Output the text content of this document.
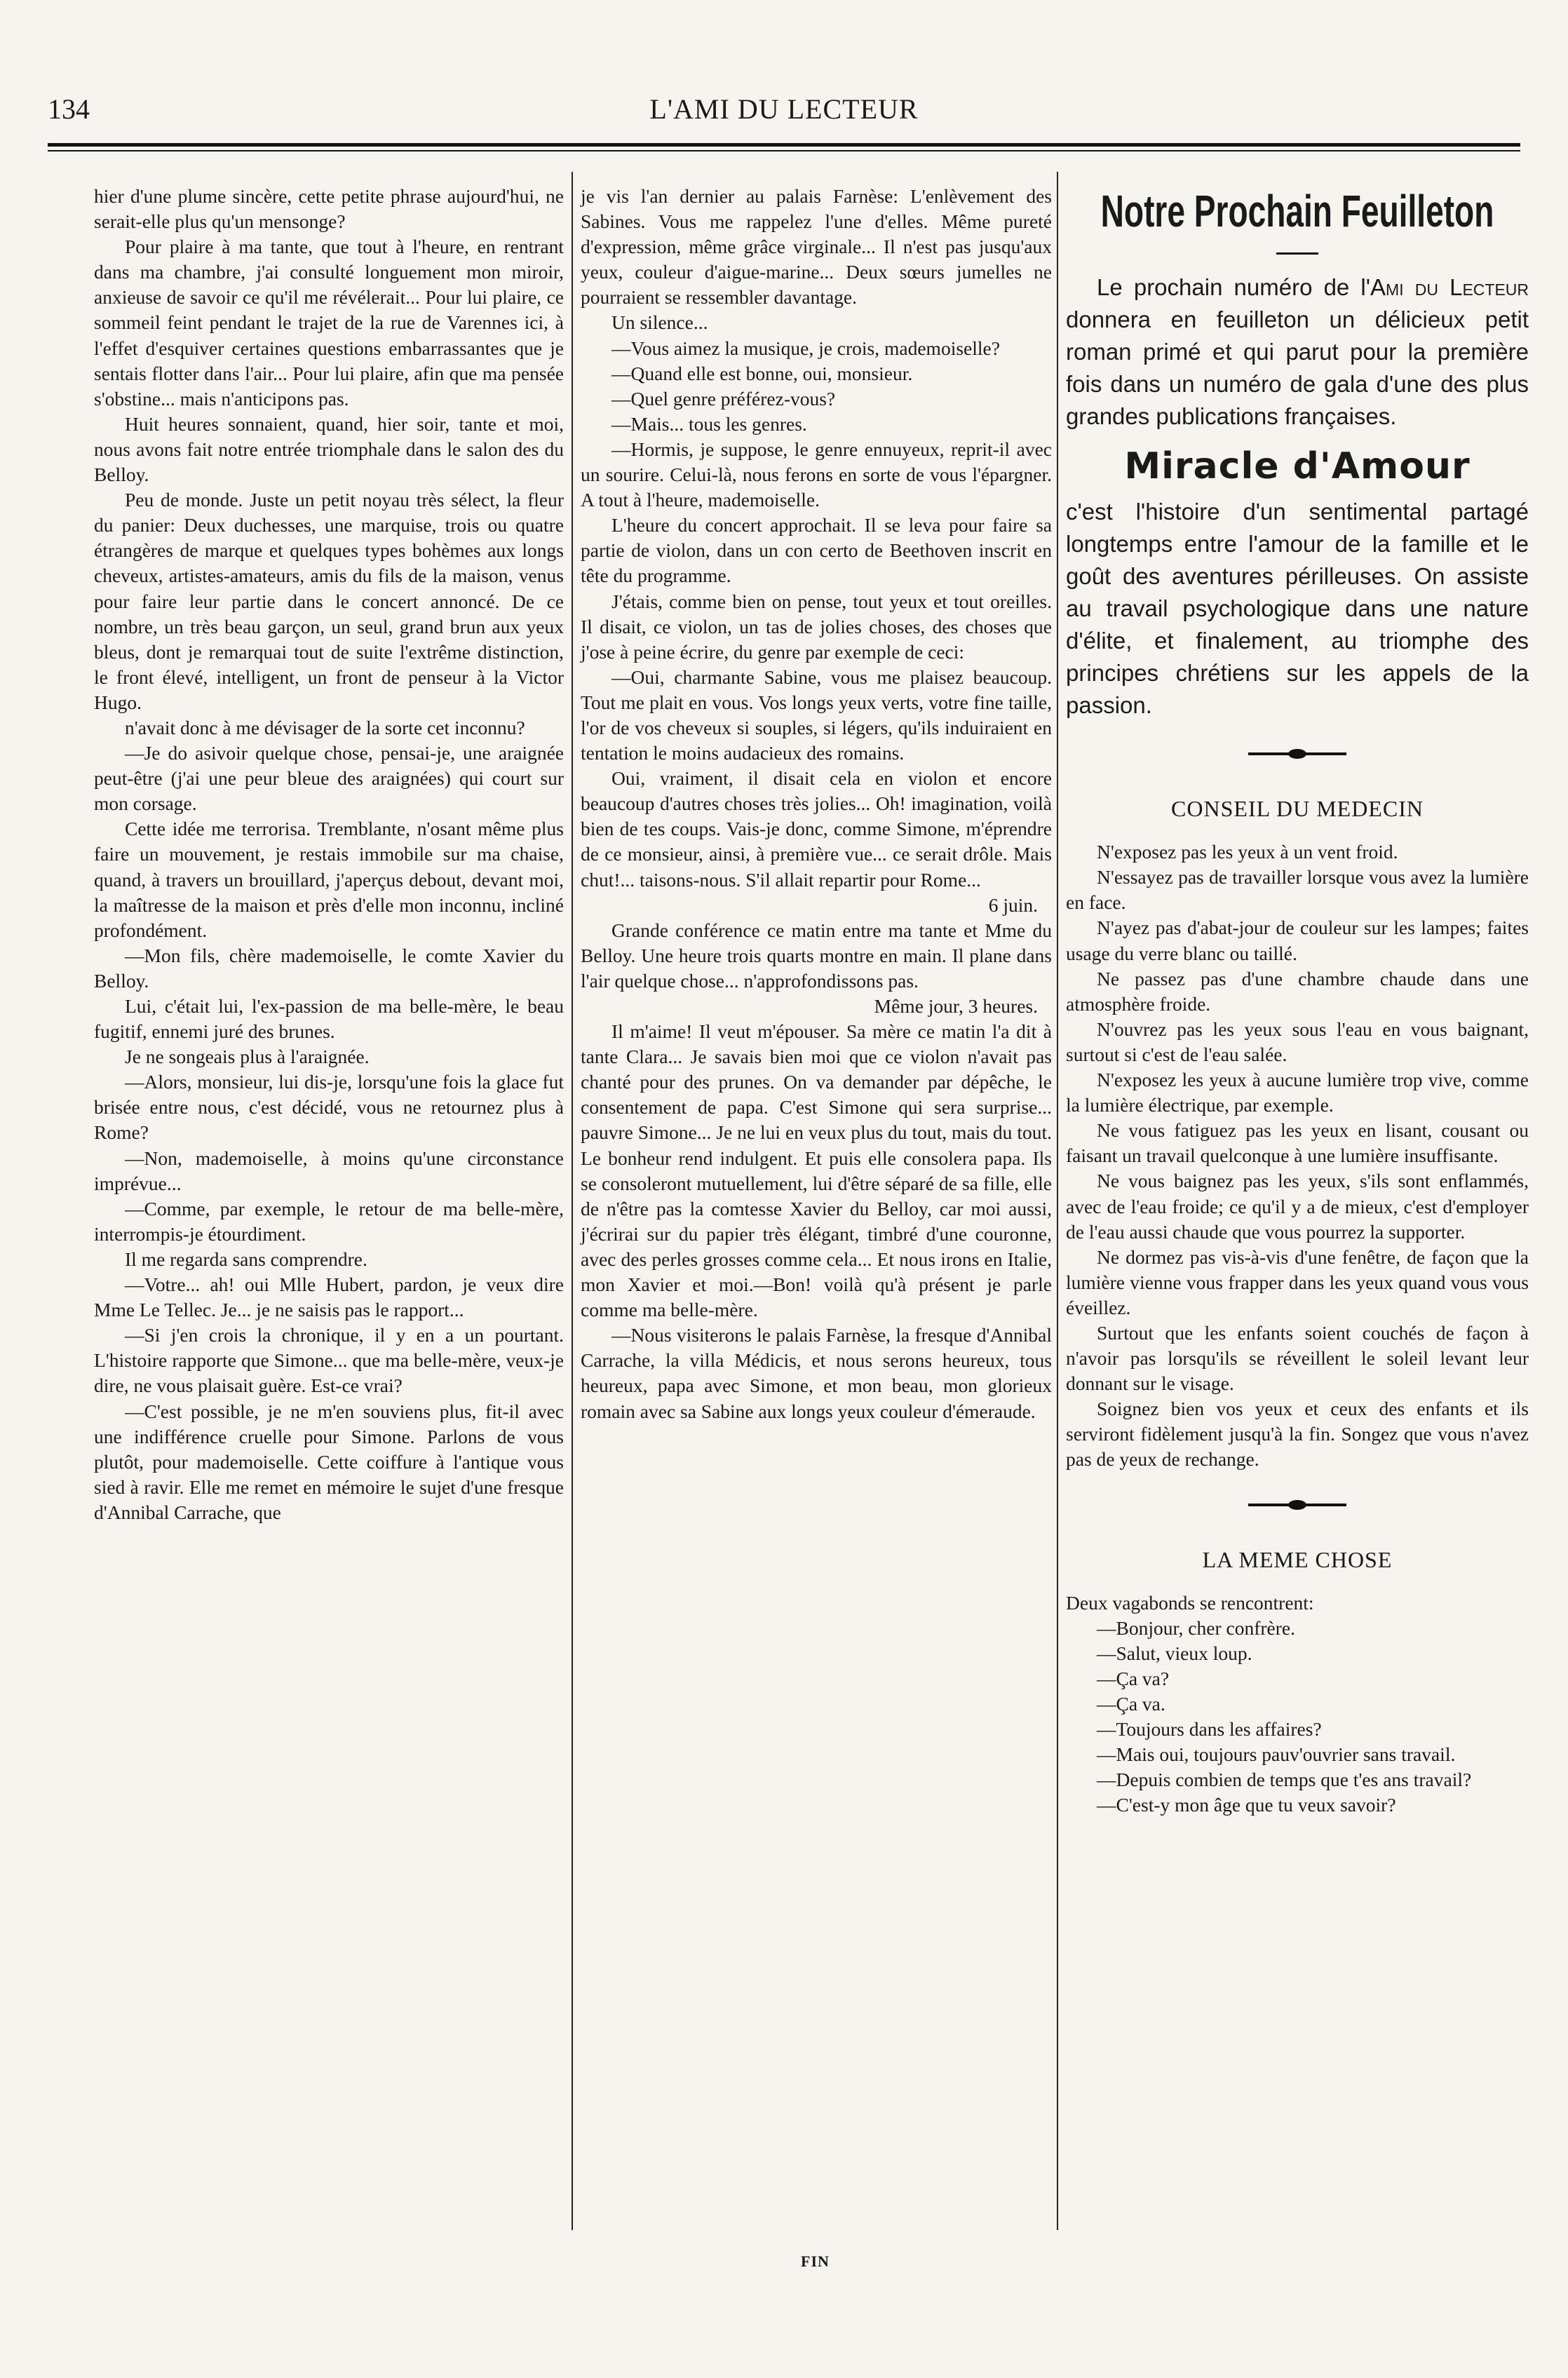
134	L'AMI DU LECTEUR

hier d'une plume sincère, cette petite phrase aujourd'hui, ne serait-elle plus qu'un mensonge?

Pour plaire à ma tante, que tout à l'heure, en rentrant dans ma chambre, j'ai consulté longuement mon miroir, anxieuse de savoir ce qu'il me révélerait... Pour lui plaire, ce sommeil feint pendant le trajet de la rue de Varennes ici, à l'effet d'esquiver certaines questions embarrassantes que je sentais flotter dans l'air... Pour lui plaire, afin que ma pensée s'obstine... mais n'anticipons pas.

Huit heures sonnaient, quand, hier soir, tante et moi, nous avons fait notre entrée triomphale dans le salon des du Belloy.

Peu de monde. Juste un petit noyau très sélect, la fleur du panier: Deux duchesses, une marquise, trois ou quatre étrangères de marque et quelques types bohèmes aux longs cheveux, artistes-amateurs, amis du fils de la maison, venus pour faire leur partie dans le concert annoncé. De ce nombre, un très beau garçon, un seul, grand brun aux yeux bleus, dont je remarquai tout de suite l'extrême distinction, le front élevé, intelligent, un front de penseur à la Victor Hugo.

n'avait donc à me dévisager de la sorte cet inconnu?

—Je do asivoir quelque chose, pensai-je, une araignée peut-être (j'ai une peur bleue des araignées) qui court sur mon corsage.

Cette idée me terrorisa. Tremblante, n'osant même plus faire un mouvement, je restais immobile sur ma chaise, quand, à travers un brouillard, j'aperçus debout, devant moi, la maîtresse de la maison et près d'elle mon inconnu, incliné profondément.

—Mon fils, chère mademoiselle, le comte Xavier du Belloy.

Lui, c'était lui, l'ex-passion de ma belle-mère, le beau fugitif, ennemi juré des brunes.

Je ne songeais plus à l'araignée.

—Alors, monsieur, lui dis-je, lorsqu'une fois la glace fut brisée entre nous, c'est décidé, vous ne retournez plus à Rome?

—Non, mademoiselle, à moins qu'une circonstance imprévue...

—Comme, par exemple, le retour de ma belle-mère, interrompis-je étourdiment.

Il me regarda sans comprendre.

—Votre... ah! oui Mlle Hubert, pardon, je veux dire Mme Le Tellec. Je... je ne saisis pas le rapport...

—Si j'en crois la chronique, il y en a un pourtant. L'histoire rapporte que Simone... que ma belle-mère, veux-je dire, ne vous plaisait guère. Est-ce vrai?

—C'est possible, je ne m'en souviens plus, fit-il avec une indifférence cruelle pour Simone. Parlons de vous plutôt, pour mademoiselle. Cette coiffure à l'antique vous sied à ravir. Elle me remet en mémoire le sujet d'une fresque d'Annibal Carrache, que

je vis l'an dernier au palais Farnèse: L'enlèvement des Sabines. Vous me rappelez l'une d'elles. Même pureté d'expression, même grâce virginale... Il n'est pas jusqu'aux yeux, couleur d'aigue-marine... Deux sœurs jumelles ne pourraient se ressembler davantage.

Un silence...

—Vous aimez la musique, je crois, mademoiselle?

—Quand elle est bonne, oui, monsieur.

—Quel genre préférez-vous?

—Mais... tous les genres.

—Hormis, je suppose, le genre ennuyeux, reprit-il avec un sourire. Celui-là, nous ferons en sorte de vous l'épargner. A tout à l'heure, mademoiselle.

L'heure du concert approchait. Il se leva pour faire sa partie de violon, dans un con certo de Beethoven inscrit en tête du programme.

J'étais, comme bien on pense, tout yeux et tout oreilles. Il disait, ce violon, un tas de jolies choses, des choses que j'ose à peine écrire, du genre par exemple de ceci:

—Oui, charmante Sabine, vous me plaisez beaucoup. Tout me plait en vous. Vos longs yeux verts, votre fine taille, l'or de vos cheveux si souples, si légers, qu'ils induiraient en tentation le moins audacieux des romains.

Oui, vraiment, il disait cela en violon et encore beaucoup d'autres choses très jolies... Oh! imagination, voilà bien de tes coups. Vais-je donc, comme Simone, m'éprendre de ce monsieur, ainsi, à première vue... ce serait drôle. Mais chut!... taisons-nous. S'il allait repartir pour Rome...

6 juin.

Grande conférence ce matin entre ma tante et Mme du Belloy. Une heure trois quarts montre en main. Il plane dans l'air quelque chose... n'approfondissons pas.

Même jour, 3 heures.

Il m'aime! Il veut m'épouser. Sa mère ce matin l'a dit à tante Clara... Je savais bien moi que ce violon n'avait pas chanté pour des prunes. On va demander par dépêche, le consentement de papa. C'est Simone qui sera surprise... pauvre Simone... Je ne lui en veux plus du tout, mais du tout. Le bonheur rend indulgent. Et puis elle consolera papa. Ils se consoleront mutuellement, lui d'être séparé de sa fille, elle de n'être pas la comtesse Xavier du Belloy, car moi aussi, j'écrirai sur du papier très élégant, timbré d'une couronne, avec des perles grosses comme cela... Et nous irons en Italie, mon Xavier et moi.—Bon! voilà qu'à présent je parle comme ma belle-mère.

—Nous visiterons le palais Farnèse, la fresque d'Annibal Carrache, la villa Médicis, et nous serons heureux, tous heureux, papa avec Simone, et mon beau, mon glorieux romain avec sa Sabine aux longs yeux couleur d'émeraude.

FIN
Notre Prochain Feuilleton

Le prochain numéro de l'Ami du Lecteur donnera en feuilleton un délicieux petit roman primé et qui parut pour la première fois dans un numéro de gala d'une des plus grandes publications françaises.

Miracle d'Amour

c'est l'histoire d'un sentimental partagé longtemps entre l'amour de la famille et le goût des aventures périlleuses. On assiste au travail psychologique dans une nature d'élite, et finalement, au triomphe des principes chrétiens sur les appels de la passion.

CONSEIL DU MEDECIN

N'exposez pas les yeux à un vent froid.

N'essayez pas de travailler lorsque vous avez la lumière en face.

N'ayez pas d'abat-jour de couleur sur les lampes; faites usage du verre blanc ou taillé.

Ne passez pas d'une chambre chaude dans une atmosphère froide.

N'ouvrez pas les yeux sous l'eau en vous baignant, surtout si c'est de l'eau salée.

N'exposez les yeux à aucune lumière trop vive, comme la lumière électrique, par exemple.

Ne vous fatiguez pas les yeux en lisant, cousant ou faisant un travail quelconque à une lumière insuffisante.

Ne vous baignez pas les yeux, s'ils sont enflammés, avec de l'eau froide; ce qu'il y a de mieux, c'est d'employer de l'eau aussi chaude que vous pourrez la supporter.

Ne dormez pas vis-à-vis d'une fenêtre, de façon que la lumière vienne vous frapper dans les yeux quand vous vous éveillez.

Surtout que les enfants soient couchés de façon à n'avoir pas lorsqu'ils se réveillent le soleil levant leur donnant sur le visage.

Soignez bien vos yeux et ceux des enfants et ils serviront fidèlement jusqu'à la fin. Songez que vous n'avez pas de yeux de rechange.

LA MEME CHOSE

Deux vagabonds se rencontrent:

—Bonjour, cher confrère.

—Salut, vieux loup.

—Ça va?

—Ça va.

—Toujours dans les affaires?

—Mais oui, toujours pauv'ouvrier sans travail.

—Depuis combien de temps que t'es ans travail?

—C'est-y mon âge que tu veux savoir?
